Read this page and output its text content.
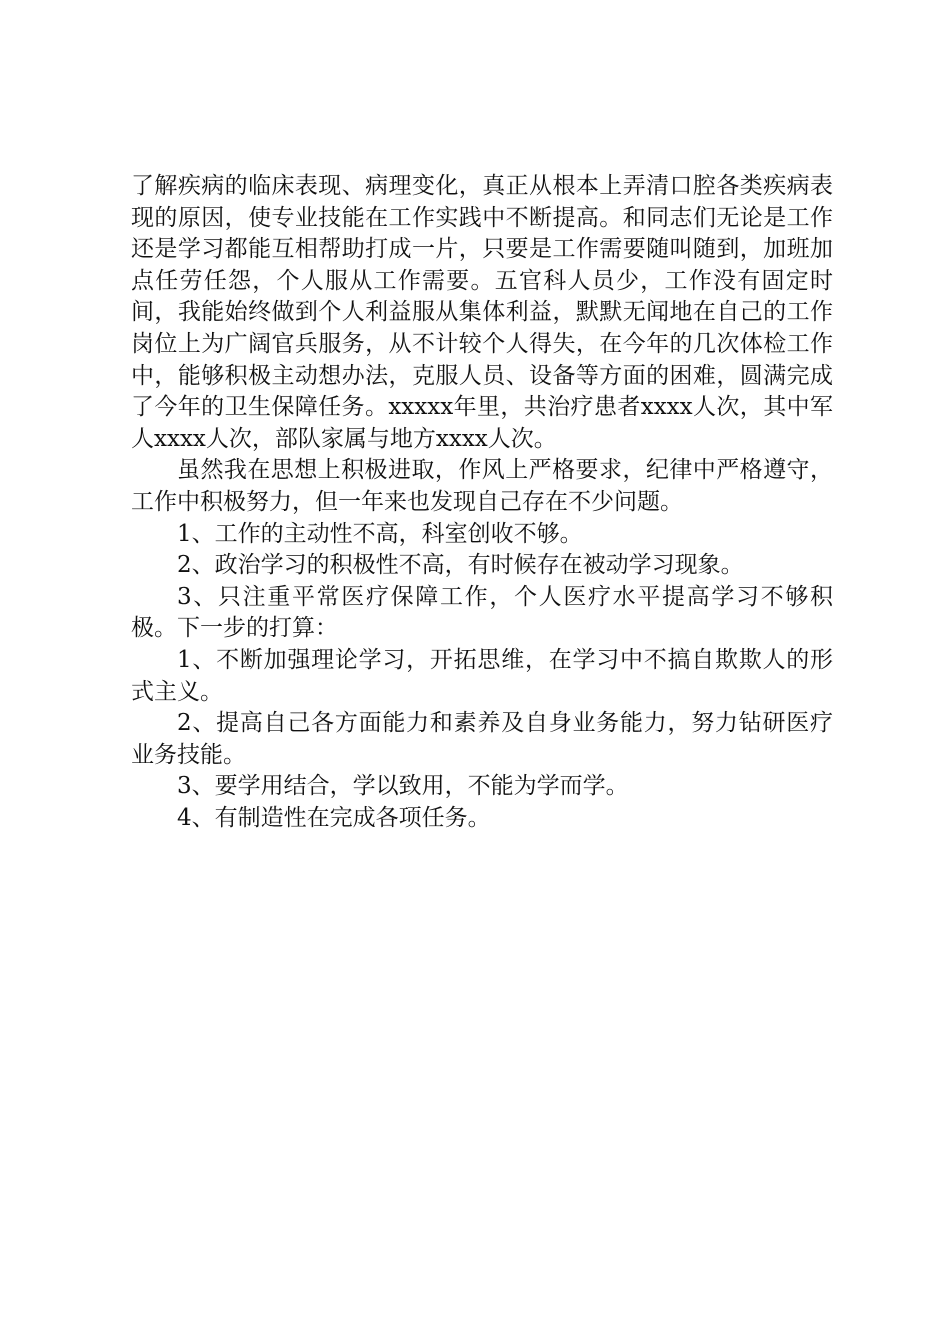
了解疾病的临床表现、病理变化，真正从根本上弄清口腔各类疾病表现的原因，使专业技能在工作实践中不断提高。和同志们无论是工作还是学习都能互相帮助打成一片，只要是工作需要随叫随到，加班加点任劳任怨，个人服从工作需要。五官科人员少，工作没有固定时间，我能始终做到个人利益服从集体利益，默默无闻地在自己的工作岗位上为广阔官兵服务，从不计较个人得失，在今年的几次体检工作中，能够积极主动想办法，克服人员、设备等方面的困难，圆满完成了今年的卫生保障任务。xxxxx年里，共治疗患者xxxx人次，其中军人xxxx人次，部队家属与地方xxxx人次。

虽然我在思想上积极进取，作风上严格要求，纪律中严格遵守，工作中积极努力，但一年来也发现自己存在不少问题。

1、工作的主动性不高，科室创收不够。

2、政治学习的积极性不高，有时候存在被动学习现象。

3、只注重平常医疗保障工作，个人医疗水平提高学习不够积极。下一步的打算：

1、不断加强理论学习，开拓思维，在学习中不搞自欺欺人的形式主义。

2、提高自己各方面能力和素养及自身业务能力，努力钻研医疗业务技能。

3、要学用结合，学以致用，不能为学而学。

4、有制造性在完成各项任务。
